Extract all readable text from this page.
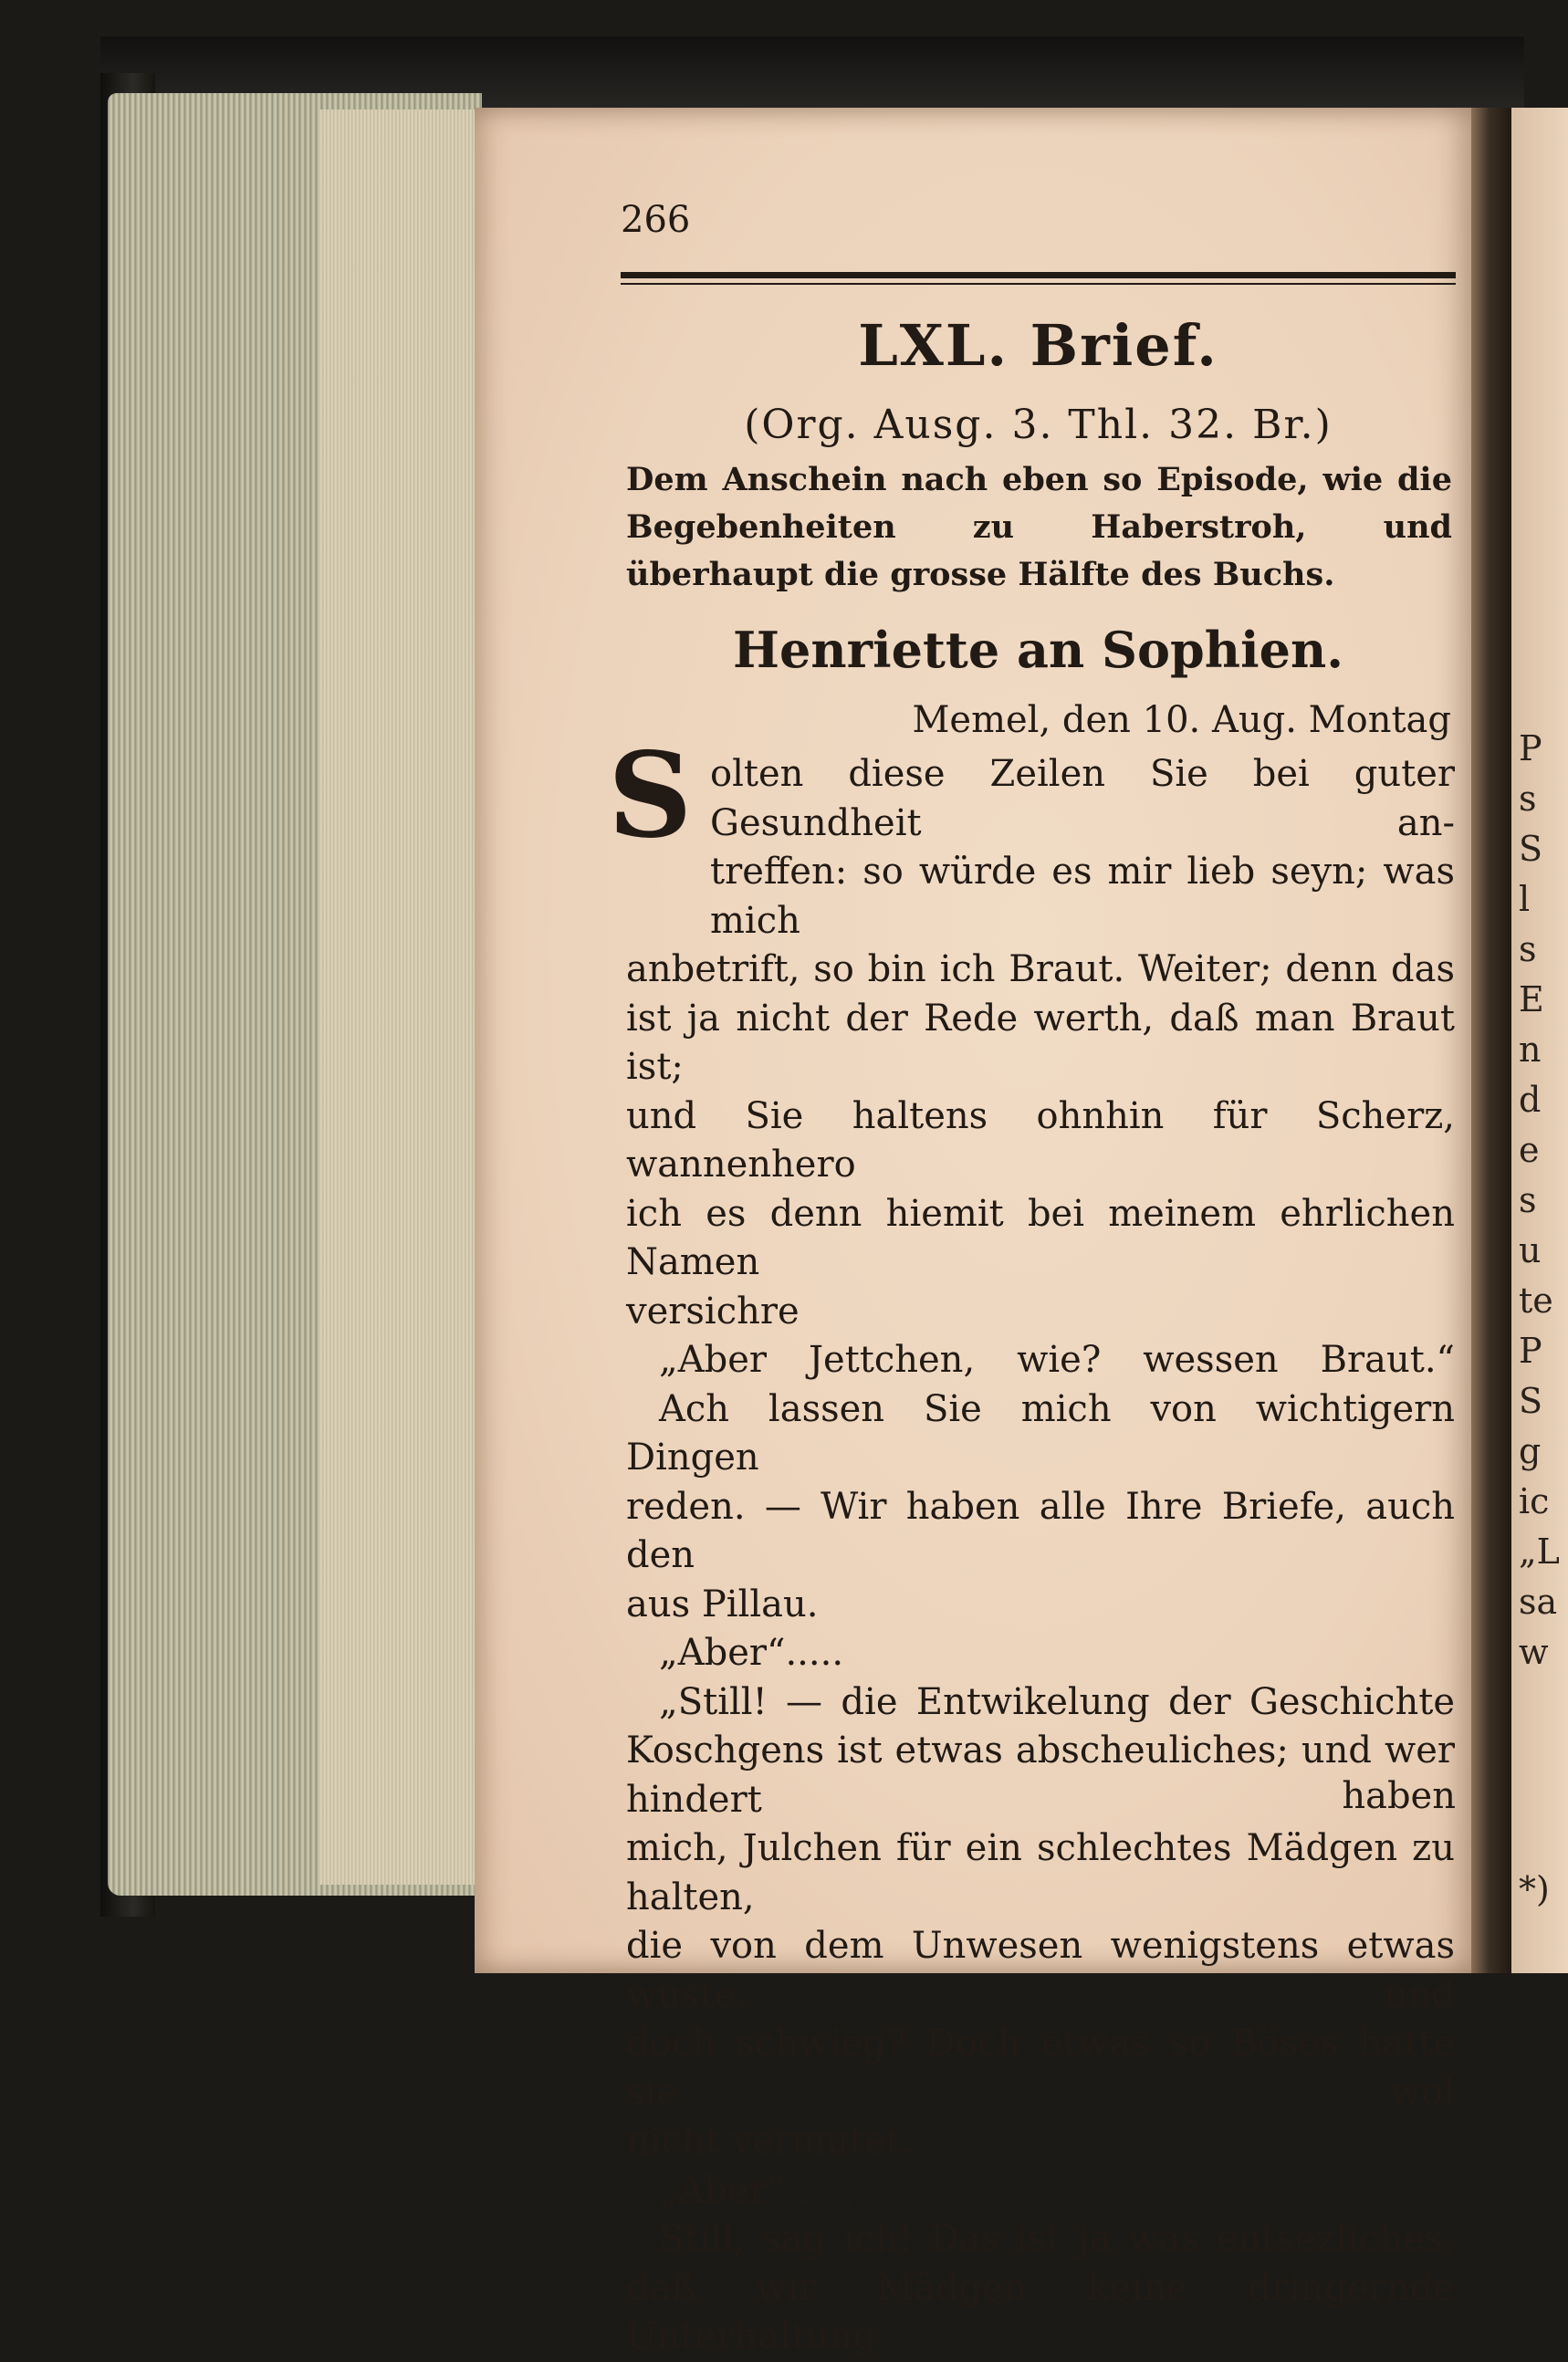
P
s
S
l
s
E
n
d
e
s
u
te
P
S
g
ic
„L
sa
w
*)
266
LXL. Brief.
(Org. Ausg. 3. Thl. 32. Br.)
Dem Anschein nach eben so Episode, wie die Begebenheiten zu Haberstroh, und überhaupt die grosse Hälfte des Buchs.
Henriette an Sophien.
Memel, den 10. Aug. Montag
S olten diese Zeilen Sie bei guter Gesundheit an-
treffen: so würde es mir lieb seyn; was mich
anbetrift, so bin ich Braut. Weiter; denn das
ist ja nicht der Rede werth, daß man Braut ist;
und Sie haltens ohnhin für Scherz, wannenhero
ich es denn hiemit bei meinem ehrlichen Namen
versichre
„Aber Jettchen, wie? wessen Braut.“
Ach lassen Sie mich von wichtigern Dingen
reden. — Wir haben alle Ihre Briefe, auch den
aus Pillau.
„Aber“.....
„Still! — die Entwikelung der Geschichte
Koschgens ist etwas abscheuliches; und wer hindert
mich, Julchen für ein schlechtes Mädgen zu halten,
die von dem Unwesen wenigstens etwas wuste, und
doch schwieg? Doch etwas so Böses hatte sie wol
nicht vermutet.
„Aber“ . . .
Still, sag ich! Das ist ja was entsezliches,
daß wir Mädgen keine dringernde Unterhaltung
haben
